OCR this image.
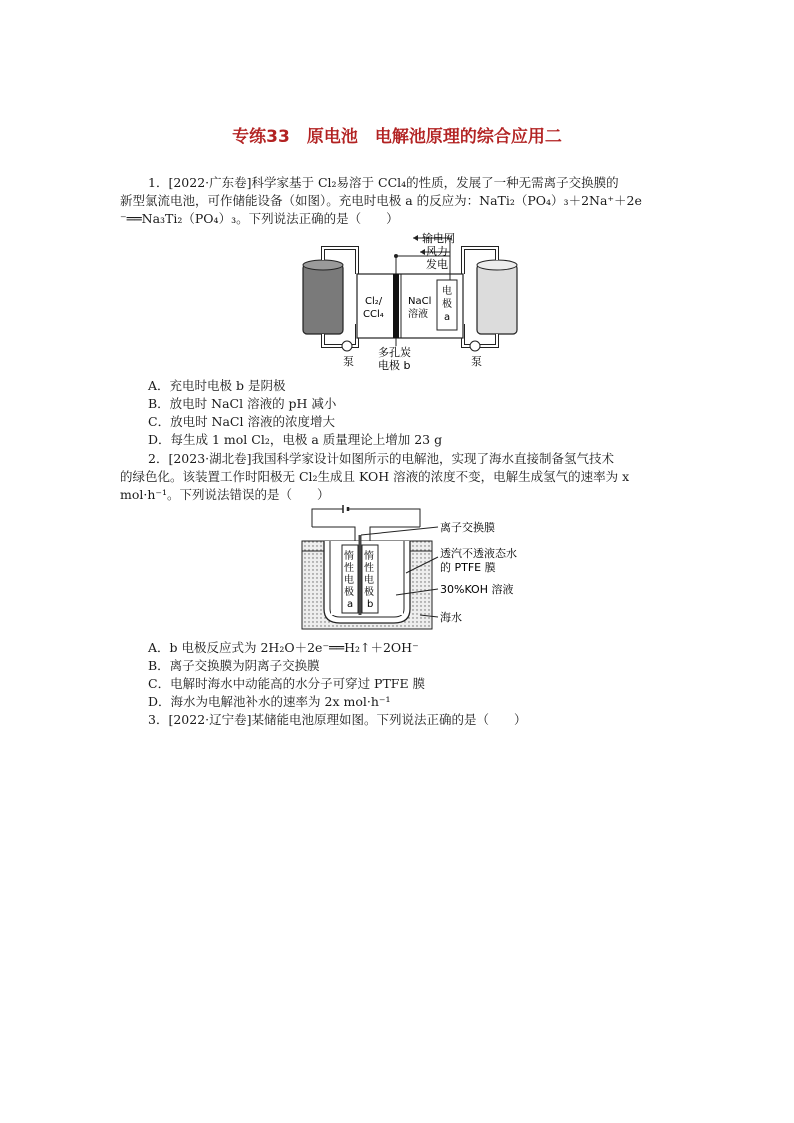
专练33　原电池　电解池原理的综合应用二
1．[2022·广东卷]科学家基于 Cl₂易溶于 CCl₄的性质，发展了一种无需离子交换膜的
新型氯流电池，可作储能设备（如图）。充电时电极 a 的反应为：NaTi₂（PO₄）₃＋2Na⁺＋2e
⁻══Na₃Ti₂（PO₄）₃。下列说法正确的是（　　）
输电网
风力
发电
Cl₂/
CCl₄
NaCl
溶液
电
极
a
多孔炭
电极 b
泵	泵
A．充电时电极 b 是阴极
B．放电时 NaCl 溶液的 pH 减小
C．放电时 NaCl 溶液的浓度增大
D．每生成 1 mol Cl₂，电极 a 质量理论上增加 23 g
2．[2023·湖北卷]我国科学家设计如图所示的电解池，实现了海水直接制备氢气技术
的绿色化。该装置工作时阳极无 Cl₂生成且 KOH 溶液的浓度不变，电解生成氢气的速率为 x
mol·h⁻¹。下列说法错误的是（　　）
惰
性
电
极
a
惰
性
电
极
b
离子交换膜
透汽不透液态水
的 PTFE 膜
30%KOH 溶液
海水
A．b 电极反应式为 2H₂O＋2e⁻══H₂↑＋2OH⁻
B．离子交换膜为阴离子交换膜
C．电解时海水中动能高的水分子可穿过 PTFE 膜
D．海水为电解池补水的速率为 2x mol·h⁻¹
3．[2022·辽宁卷]某储能电池原理如图。下列说法正确的是（　　）
